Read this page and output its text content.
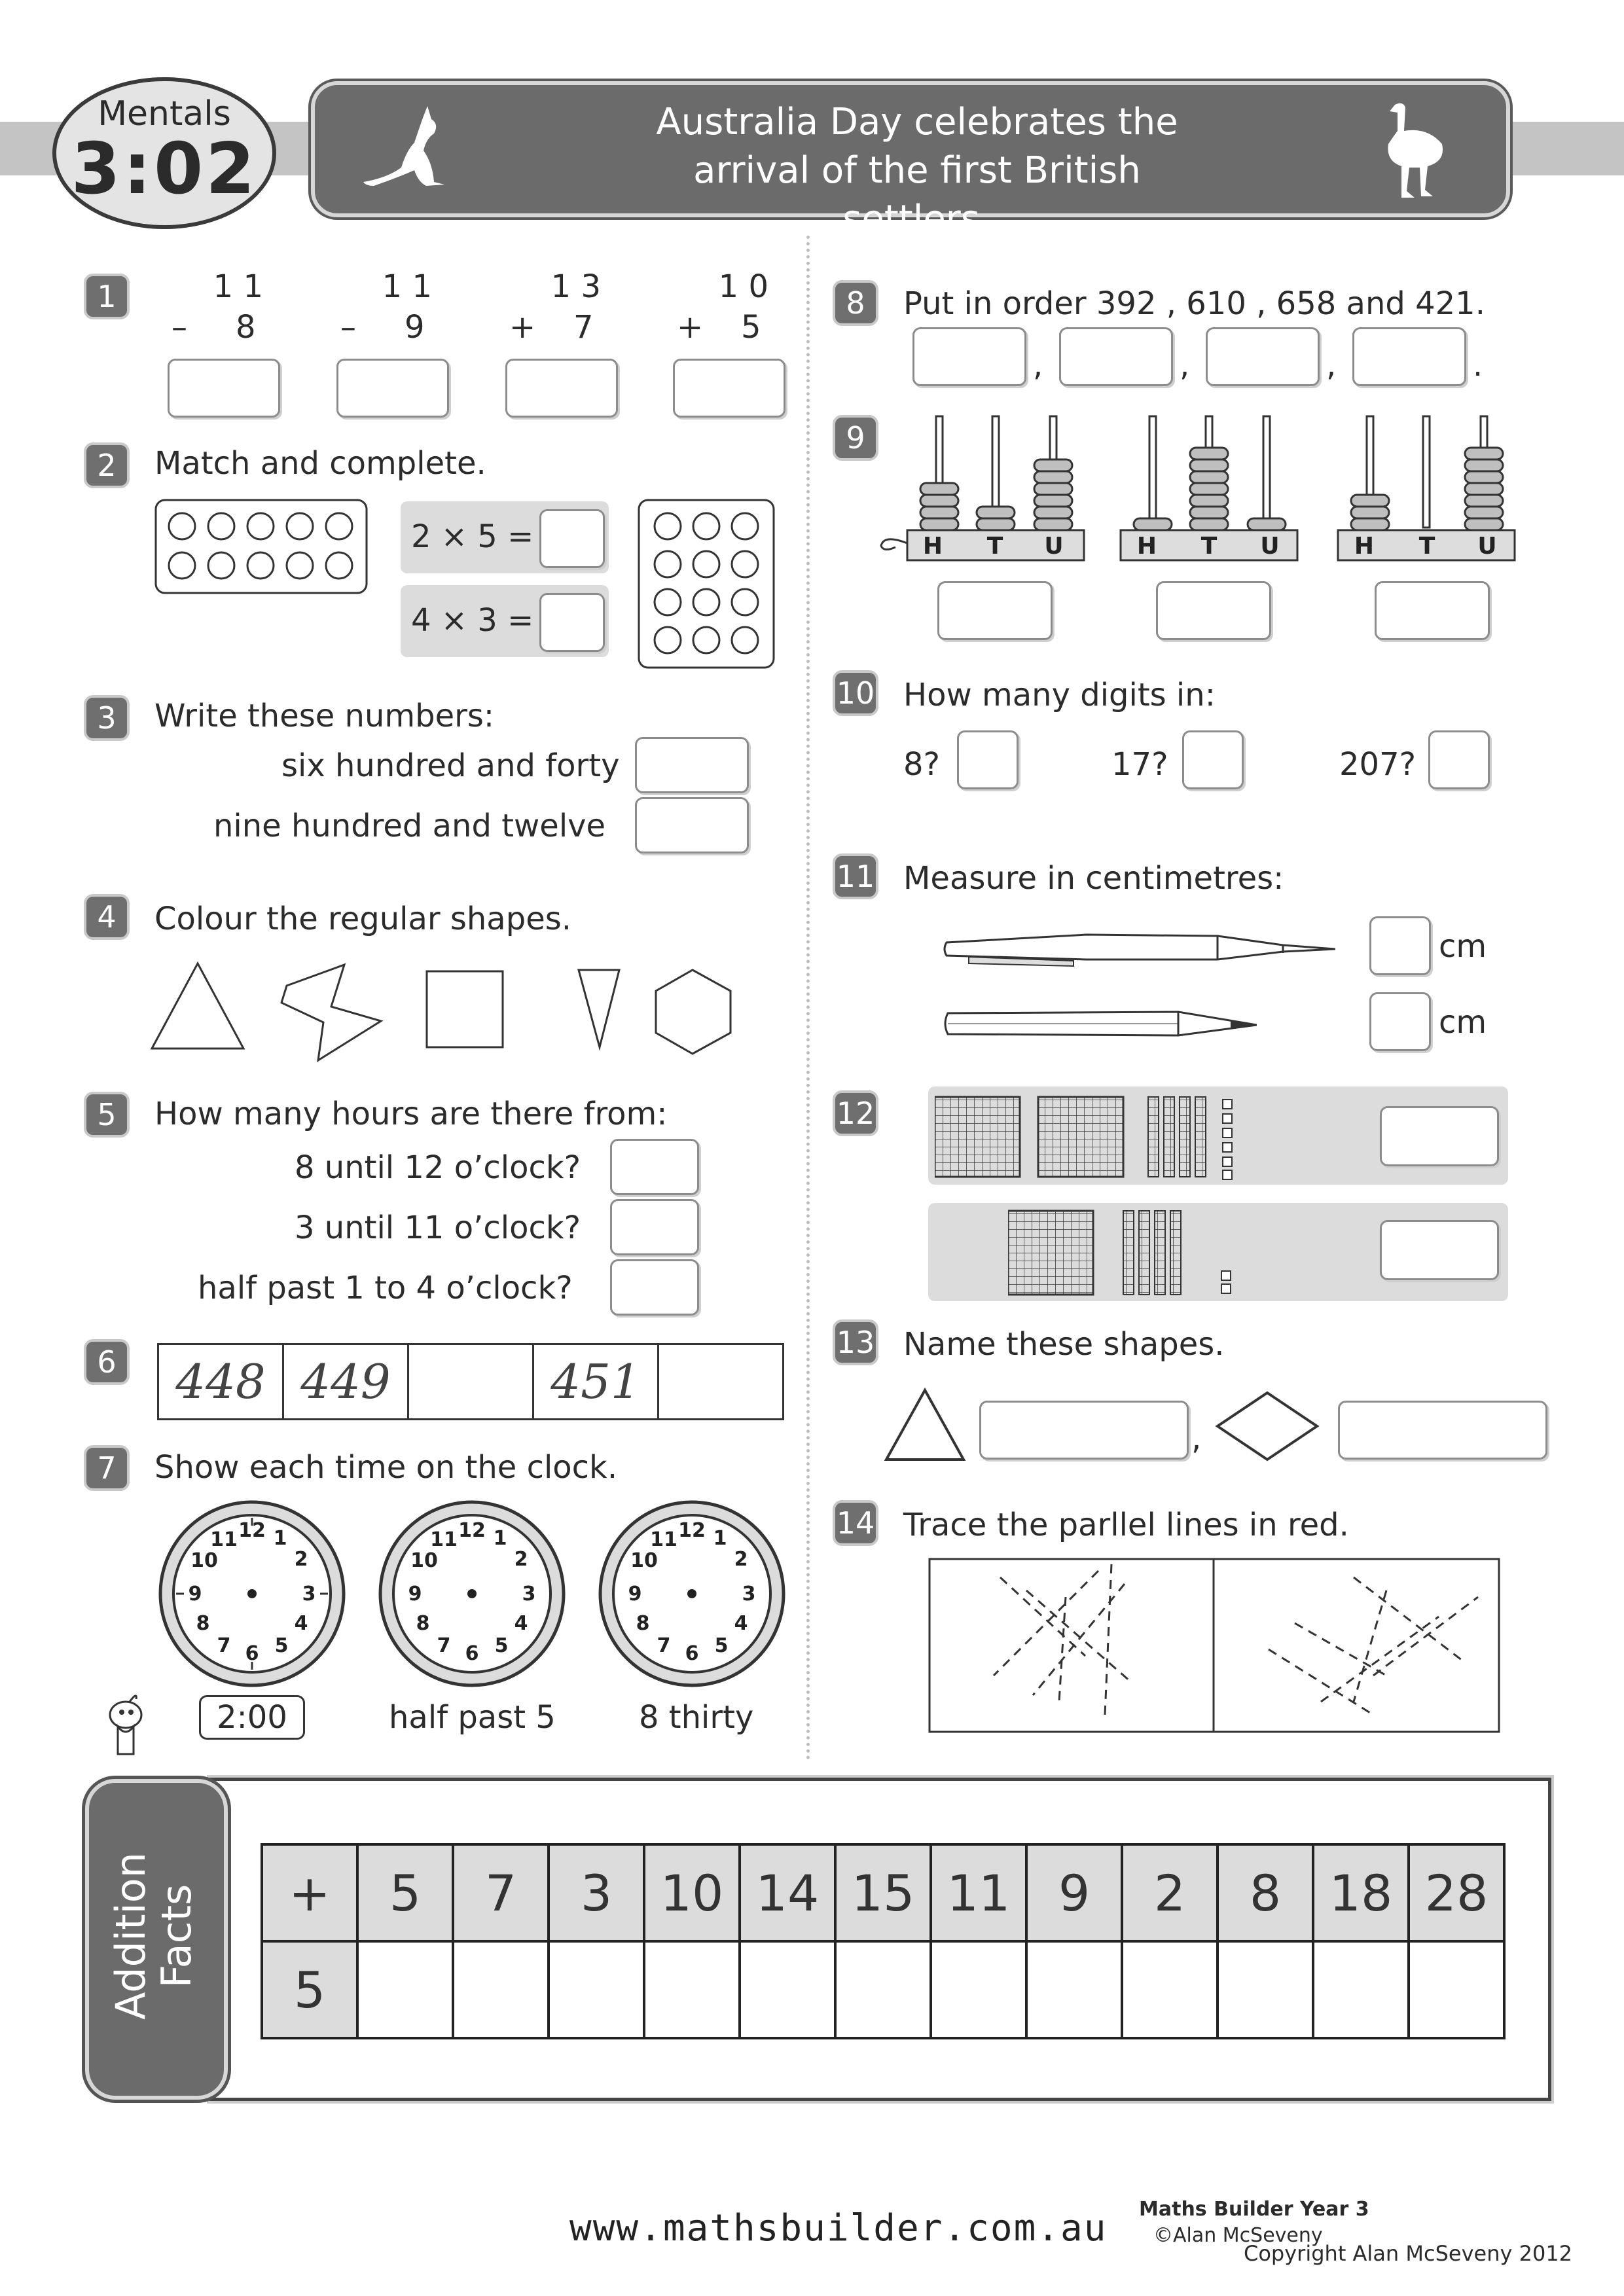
Mentals
3:02
Australia Day celebrates the
arrival of the first British settlers.
1	1 1
– 8
1 1
– 9
1 3
+ 7
1 0
+ 5
2	Match and complete.
2 × 5 =
4 × 3 =
3	Write these numbers:
six hundred and forty
nine hundred and twelve
4	Colour the regular shapes.
5	How many hours are there from:
8 until 12 o’clock?
3 until 11 o’clock?
half past 1 to 4 o’clock?
6 448	449		451	
7	Show each time on the clock.
12 1
2
3
4
5
6
7
8
9
10
11	12 1
2
3
4
5
6
7
8
9
10
11	12 1
2
3
4
5
6
7
8
9
10
11
2:00	half past 5	8 thirty
8	Put in order 392 , 610 , 658 and 421.
,	,	,	.
9
H T U	H T U	H T U
10 How many digits in:
8?	17?	207?
11 Measure in centimetres:
cm
cm
12
13 Name these shapes.
,
14 Trace the parllel lines in red.
Addition
Facts +	5	7	3	10	14	15	11	9	2	8	18	28
5												
www.mathsbuilder.com.au Maths Builder Year 3
©Alan McSeveny
Copyright Alan McSeveny 2012
